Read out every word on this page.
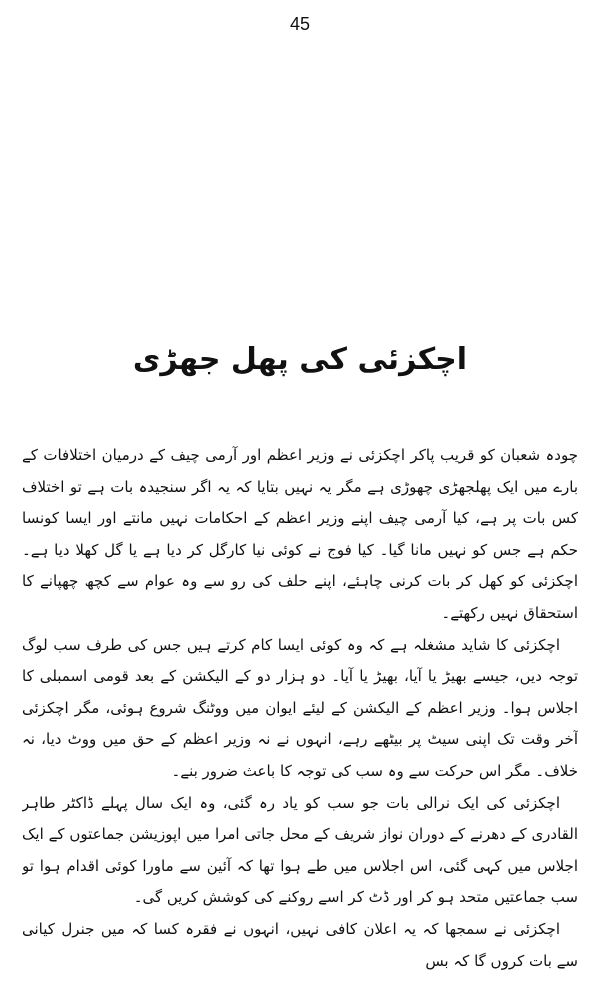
45
اچکزئی کی پھل جھڑی

چودہ شعبان کو قریب پاکر اچکزئی نے وزیر اعظم اور آرمی چیف کے درمیان اختلافات کے بارے میں ایک پھلجھڑی چھوڑی ہے مگر یہ نہیں بتایا کہ یہ اگر سنجیدہ بات ہے تو اختلاف کس بات پر ہے، کیا آرمی چیف اپنے وزیر اعظم کے احکامات نہیں مانتے اور ایسا کونسا حکم ہے جس کو نہیں مانا گیا۔ کیا فوج نے کوئی نیا کارگل کر دیا ہے یا گل کھلا دیا ہے۔ اچکزئی کو کھل کر بات کرنی چاہئے، اپنے حلف کی رو سے وہ عوام سے کچھ چھپانے کا استحقاق نہیں رکھتے۔

اچکزئی کا شاید مشغلہ ہے کہ وہ کوئی ایسا کام کرتے ہیں جس کی طرف سب لوگ توجہ دیں، جیسے بھیڑ یا آیا، بھیڑ یا آیا۔ دو ہزار دو کے الیکشن کے بعد قومی اسمبلی کا اجلاس ہوا۔ وزیر اعظم کے الیکشن کے لیئے ایوان میں ووٹنگ شروع ہوئی، مگر اچکزئی آخر وقت تک اپنی سیٹ پر بیٹھے رہے، انہوں نے نہ وزیر اعظم کے حق میں ووٹ دیا، نہ خلاف۔ مگر اس حرکت سے وہ سب کی توجہ کا باعث ضرور بنے۔

اچکزئی کی ایک نرالی بات جو سب کو یاد رہ گئی، وہ ایک سال پہلے ڈاکٹر طاہر القادری کے دھرنے کے دوران نواز شریف کے محل جاتی امرا میں اپوزیشن جماعتوں کے ایک اجلاس میں کہی گئی، اس اجلاس میں طے ہوا تھا کہ آئین سے ماورا کوئی اقدام ہوا تو سب جماعتیں متحد ہو کر اور ڈٹ کر اسے روکنے کی کوشش کریں گی۔

اچکزئی نے سمجھا کہ یہ اعلان کافی نہیں، انہوں نے فقرہ کسا کہ میں جنرل کیانی سے بات کروں گا کہ بس
